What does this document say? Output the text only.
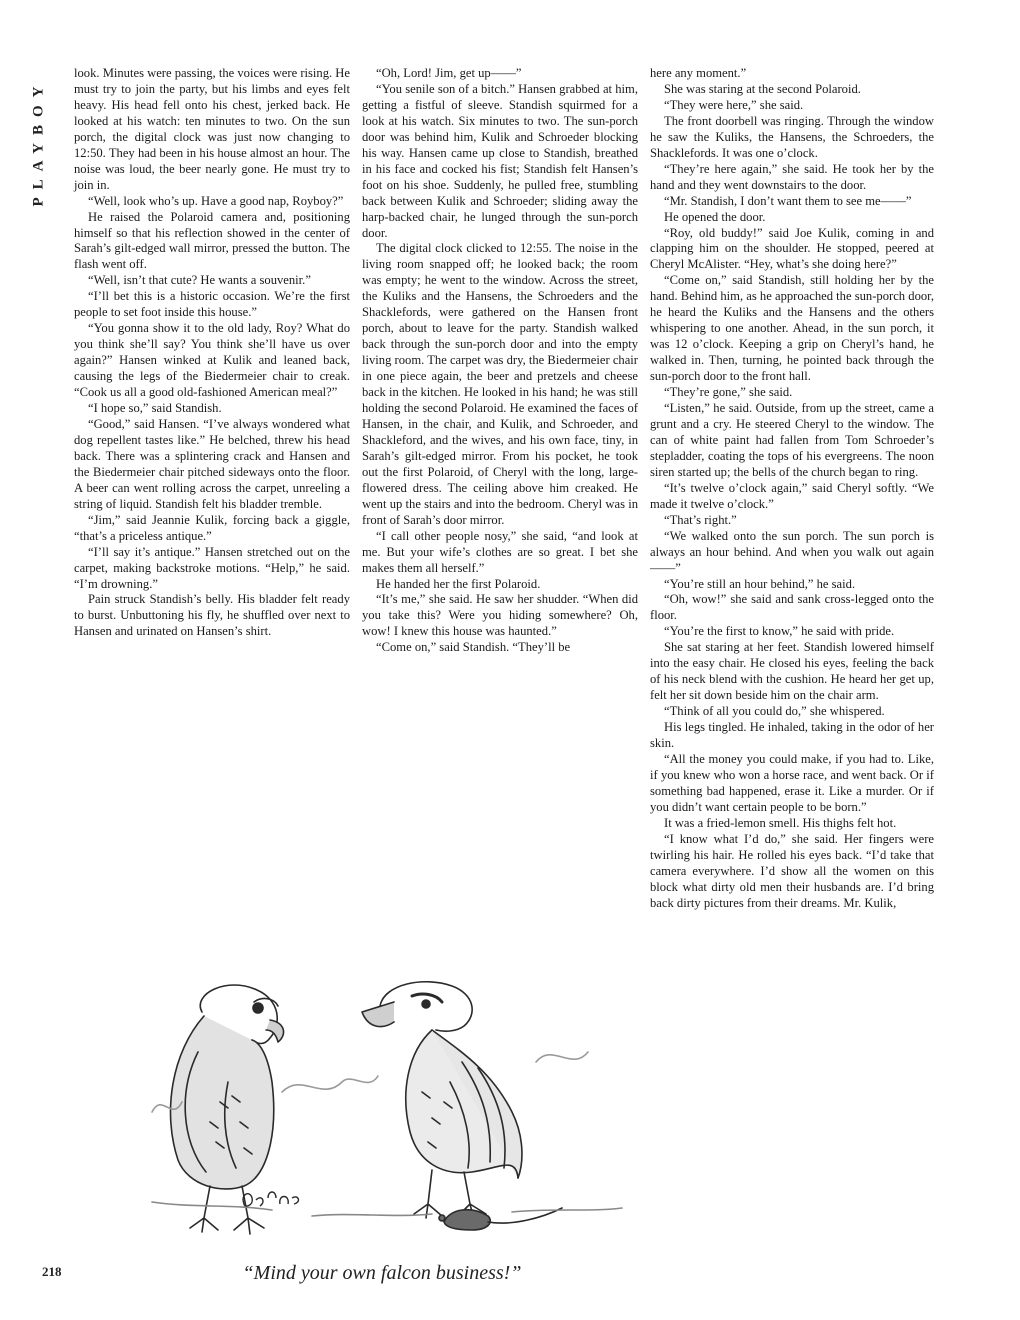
PLAYBOY

look. Minutes were passing, the voices were rising. He must try to join the party, but his limbs and eyes felt heavy. His head fell onto his chest, jerked back. He looked at his watch: ten minutes to two. On the sun porch, the digital clock was just now changing to 12:50. They had been in his house almost an hour. The noise was loud, the beer nearly gone. He must try to join in.

“Well, look who’s up. Have a good nap, Royboy?”

He raised the Polaroid camera and, positioning himself so that his reflection showed in the center of Sarah’s gilt-edged wall mirror, pressed the button. The flash went off.

“Well, isn’t that cute? He wants a souvenir.”

“I’ll bet this is a historic occasion. We’re the first people to set foot inside this house.”

“You gonna show it to the old lady, Roy? What do you think she’ll say? You think she’ll have us over again?” Hansen winked at Kulik and leaned back, causing the legs of the Biedermeier chair to creak. “Cook us all a good old-fashioned American meal?”

“I hope so,” said Standish.

“Good,” said Hansen. “I’ve always wondered what dog repellent tastes like.” He belched, threw his head back. There was a splintering crack and Hansen and the Biedermeier chair pitched sideways onto the floor. A beer can went rolling across the carpet, unreeling a string of liquid. Standish felt his bladder tremble.

“Jim,” said Jeannie Kulik, forcing back a giggle, “that’s a priceless antique.”

“I’ll say it’s antique.” Hansen stretched out on the carpet, making backstroke motions. “Help,” he said. “I’m drowning.”

Pain struck Standish’s belly. His bladder felt ready to burst. Unbuttoning his fly, he shuffled over next to Hansen and urinated on Hansen’s shirt.

“Oh, Lord! Jim, get up——”

“You senile son of a bitch.” Hansen grabbed at him, getting a fistful of sleeve. Standish squirmed for a look at his watch. Six minutes to two. The sun-porch door was behind him, Kulik and Schroeder blocking his way. Hansen came up close to Standish, breathed in his face and cocked his fist; Standish felt Hansen’s foot on his shoe. Suddenly, he pulled free, stumbling back between Kulik and Schroeder; sliding away the harp-backed chair, he lunged through the sun-porch door.

The digital clock clicked to 12:55. The noise in the living room snapped off; he looked back; the room was empty; he went to the window. Across the street, the Kuliks and the Hansens, the Schroeders and the Shacklefords, were gathered on the Hansen front porch, about to leave for the party. Standish walked back through the sun-porch door and into the empty living room. The carpet was dry, the Biedermeier chair in one piece again, the beer and pretzels and cheese back in the kitchen. He looked in his hand; he was still holding the second Polaroid. He examined the faces of Hansen, in the chair, and Kulik, and Schroeder, and Shackleford, and the wives, and his own face, tiny, in Sarah’s gilt-edged mirror. From his pocket, he took out the first Polaroid, of Cheryl with the long, large-flowered dress. The ceiling above him creaked. He went up the stairs and into the bedroom. Cheryl was in front of Sarah’s door mirror.

“I call other people nosy,” she said, “and look at me. But your wife’s clothes are so great. I bet she makes them all herself.”

He handed her the first Polaroid.

“It’s me,” she said. He saw her shudder. “When did you take this? Were you hiding somewhere? Oh, wow! I knew this house was haunted.”

“Come on,” said Standish. “They’ll be

here any moment.”

She was staring at the second Polaroid.

“They were here,” she said.

The front doorbell was ringing. Through the window he saw the Kuliks, the Hansens, the Schroeders, the Shacklefords. It was one o’clock.

“They’re here again,” she said. He took her by the hand and they went downstairs to the door.

“Mr. Standish, I don’t want them to see me——”

He opened the door.

“Roy, old buddy!” said Joe Kulik, coming in and clapping him on the shoulder. He stopped, peered at Cheryl McAlister. “Hey, what’s she doing here?”

“Come on,” said Standish, still holding her by the hand. Behind him, as he approached the sun-porch door, he heard the Kuliks and the Hansens and the others whispering to one another. Ahead, in the sun porch, it was 12 o’clock. Keeping a grip on Cheryl’s hand, he walked in. Then, turning, he pointed back through the sun-porch door to the front hall.

“They’re gone,” she said.

“Listen,” he said. Outside, from up the street, came a grunt and a cry. He steered Cheryl to the window. The can of white paint had fallen from Tom Schroeder’s stepladder, coating the tops of his evergreens. The noon siren started up; the bells of the church began to ring.

“It’s twelve o’clock again,” said Cheryl softly. “We made it twelve o’clock.”

“That’s right.”

“We walked onto the sun porch. The sun porch is always an hour behind. And when you walk out again——”

“You’re still an hour behind,” he said.

“Oh, wow!” she said and sank cross-legged onto the floor.

“You’re the first to know,” he said with pride.

She sat staring at her feet. Standish lowered himself into the easy chair. He closed his eyes, feeling the back of his neck blend with the cushion. He heard her get up, felt her sit down beside him on the chair arm.

“Think of all you could do,” she whispered.

His legs tingled. He inhaled, taking in the odor of her skin.

“All the money you could make, if you had to. Like, if you knew who won a horse race, and went back. Or if something bad happened, erase it. Like a murder. Or if you didn’t want certain people to be born.”

It was a fried-lemon smell. His thighs felt hot.

“I know what I’d do,” she said. Her fingers were twirling his hair. He rolled his eyes back. “I’d take that camera everywhere. I’d show all the women on this block what dirty old men their husbands are. I’d bring back dirty pictures from their dreams. Mr. Kulik,

“Mind your own falcon business!”
218
